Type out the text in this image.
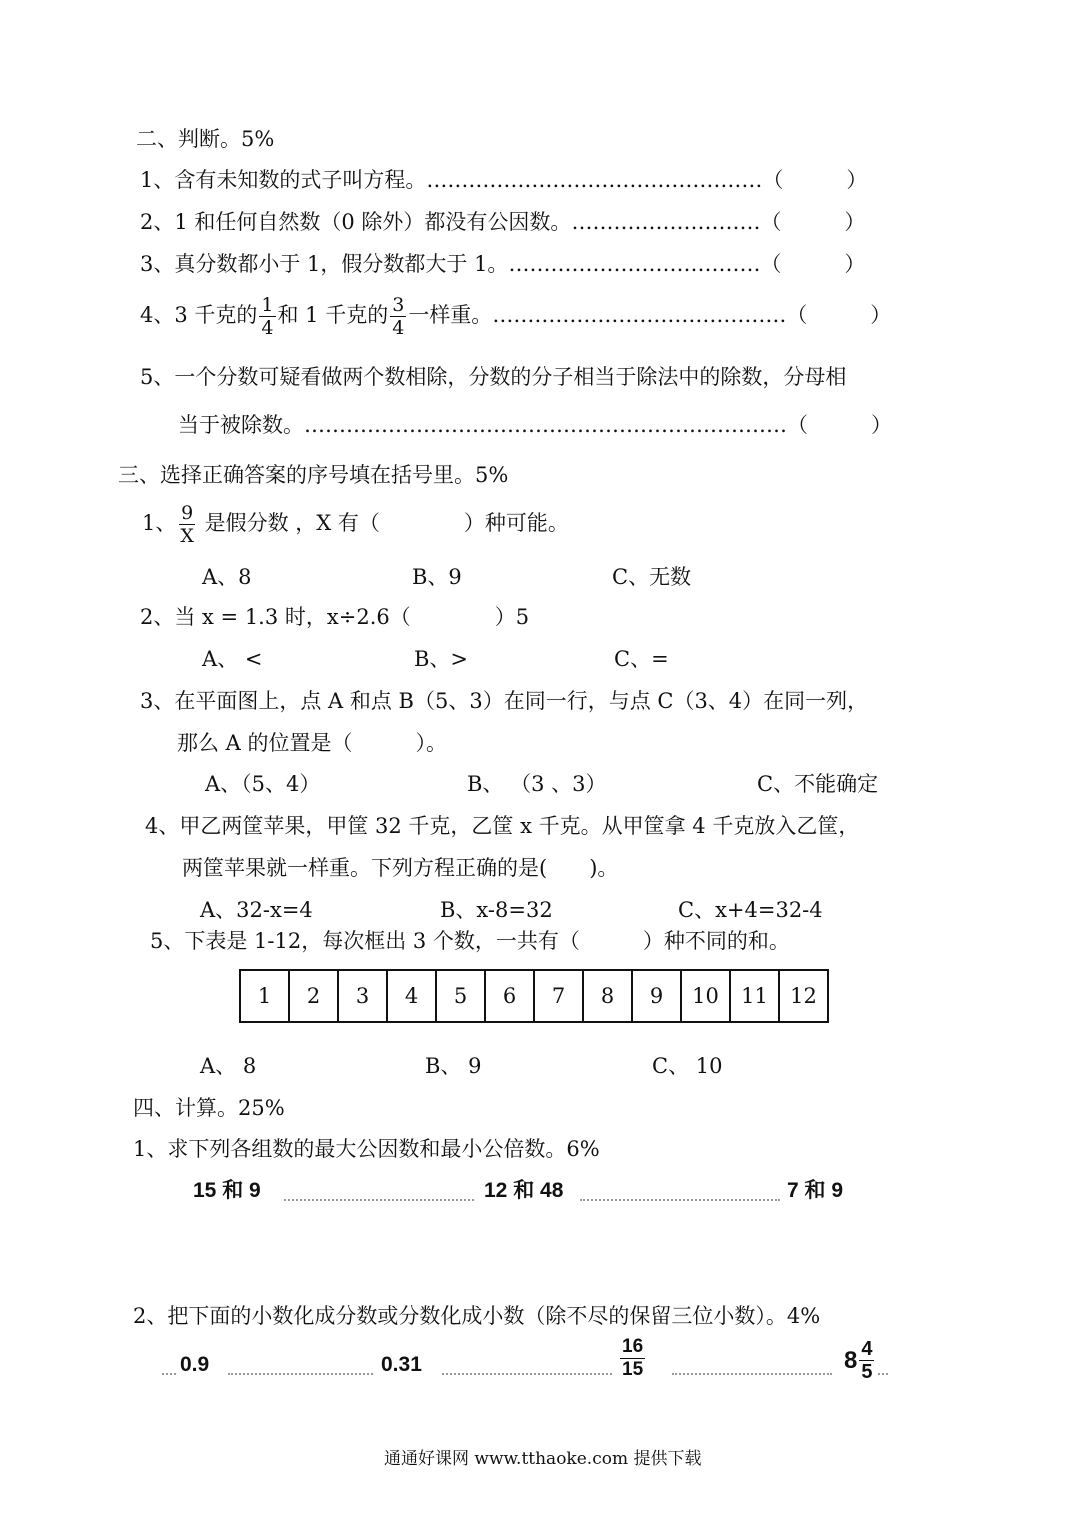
二、判断。5%
1、含有未知数的式子叫方程。…………………………………………（　　　）
2、1 和任何自然数（0 除外）都没有公因数。………………………（　　　）
3、真分数都小于 1，假分数都大于 1。………………………………（　　　）
4、3 千克的 $\frac{1}{4}$ 和 1 千克的 $\frac{3}{4}$ 一样重。……………………………………（　　　）
5、一个分数可疑看做两个数相除，分数的分子相当于除法中的除数，分母相
当于被除数。……………………………………………………………（　　　）
三、选择正确答案的序号填在括号里。5%
1、 $\frac{9}{X}$ 是假分数 ，X 有（　　　　）种可能。
A、8	B、9	C、无数
2、当 x = 1.3 时，x÷2.6（　　　　）5
A、 <	B、>	C、=
3、在平面图上，点 A 和点 B（5、3）在同一行，与点 C（3、4）在同一列，
那么 A 的位置是（　　　）。
A、（5、4）	B、 （3 、3）	C、不能确定
4、甲乙两筐苹果，甲筐 32 千克，乙筐 x 千克。从甲筐拿 4 千克放入乙筐，
两筐苹果就一样重。下列方程正确的是(　　)。
A、32-x=4	B、x-8=32	C、x+4=32-4
5、下表是 1-12，每次框出 3 个数，一共有（　　　）种不同的和。
1	2	3	4	5	6	7	8	9	10	11	12
A、 8	B、 9	C、 10
四、计算。25%
1、求下列各组数的最大公因数和最小公倍数。6%
15 和 9	12 和 48	7 和 9
2、把下面的小数化成分数或分数化成小数（除不尽的保留三位小数）。4%
0.9	0.31	$\frac{16}{15}$	$8 \frac{4}{5}$
通通好课网 www.tthaoke.com 提供下载
